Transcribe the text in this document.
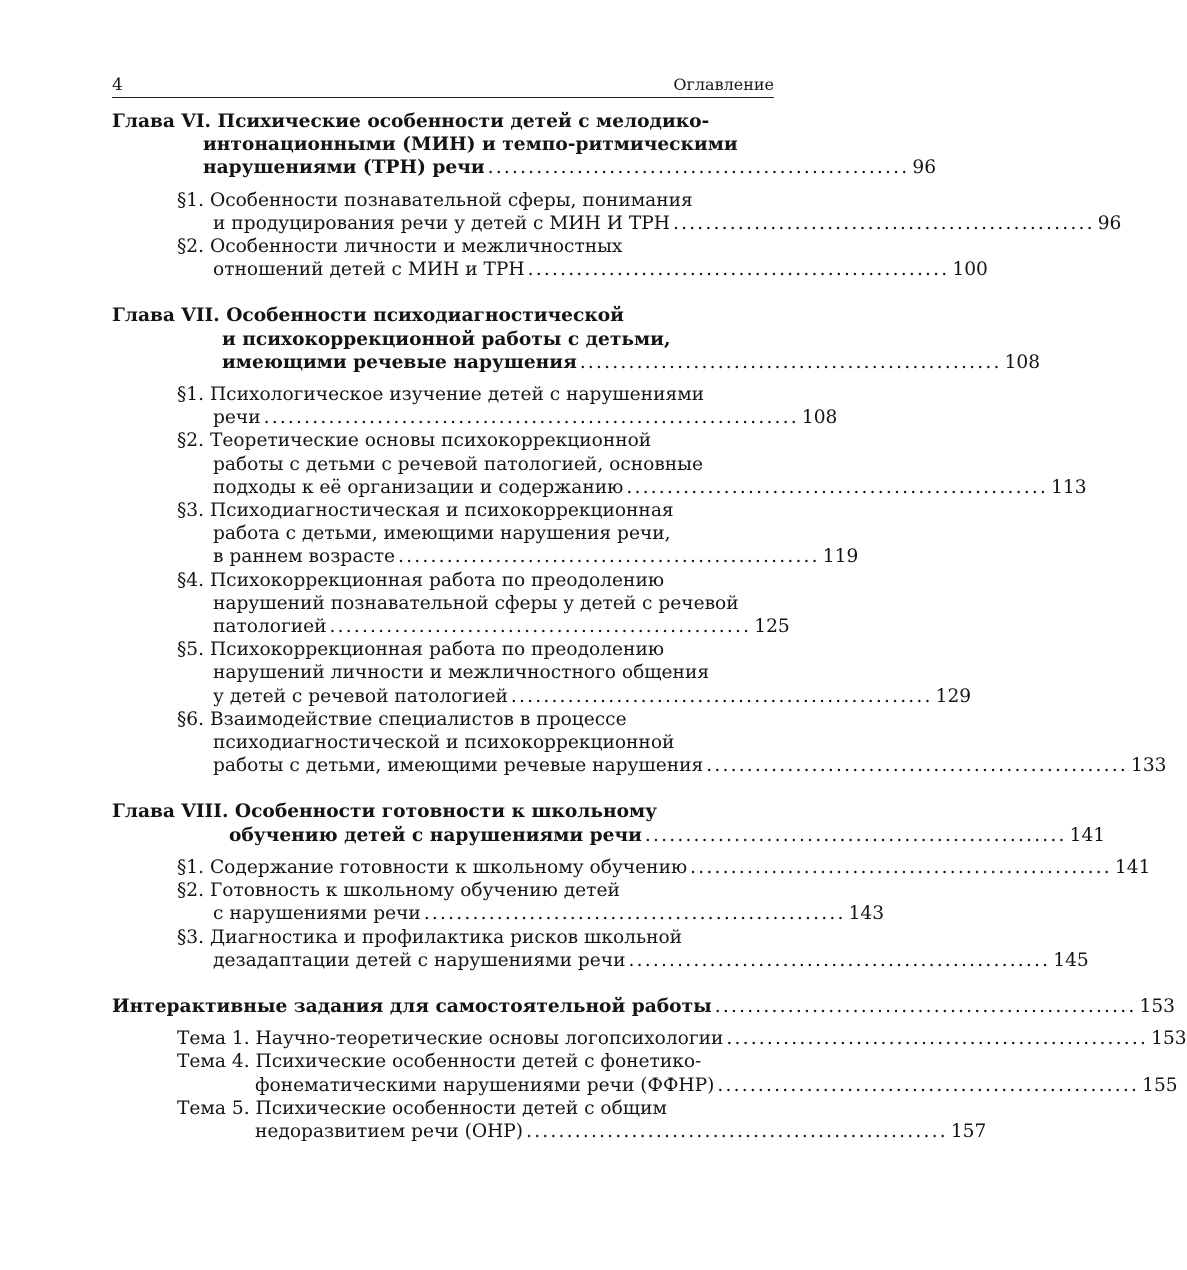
4	Оглавление
Глава VI. Психические особенности детей с мелодико-
интонационными (МИН) и темпо-ритмическими
нарушениями (ТРН) речи .................................................... 96
§1. Особенности познавательной сферы, понимания
и продуцирования речи у детей с МИН И ТРН .................................................... 96
§2. Особенности личности и межличностных
отношений детей с МИН и ТРН .................................................... 100
Глава VII. Особенности психодиагностической
и психокоррекционной работы с детьми,
имеющими речевые нарушения .................................................... 108
§1. Психологическое изучение детей с нарушениями
речи .................................................................. 108
§2. Теоретические основы психокоррекционной
работы с детьми с речевой патологией, основные
подходы к её организации и содержанию .................................................... 113
§3. Психодиагностическая и психокоррекционная
работа с детьми, имеющими нарушения речи,
в раннем возрасте .................................................... 119
§4. Психокоррекционная работа по преодолению
нарушений познавательной сферы у детей с речевой
патологией .................................................... 125
§5. Психокоррекционная работа по преодолению
нарушений личности и межличностного общения
у детей с речевой патологией .................................................... 129
§6. Взаимодействие специалистов в процессе
психодиагностической и психокоррекционной
работы с детьми, имеющими речевые нарушения .................................................... 133
Глава VIII. Особенности готовности к школьному
обучению детей с нарушениями речи .................................................... 141
§1. Содержание готовности к школьному обучению .................................................... 141
§2. Готовность к школьному обучению детей
с нарушениями речи .................................................... 143
§3. Диагностика и профилактика рисков школьной
дезадаптации детей с нарушениями речи .................................................... 145
Интерактивные задания для самостоятельной работы .................................................... 153
Тема 1. Научно-теоретические основы логопсихологии .................................................... 153
Тема 4. Психические особенности детей с фонетико-
фонематическими нарушениями речи (ФФНР) .................................................... 155
Тема 5. Психические особенности детей с общим
недоразвитием речи (ОНР) .................................................... 157
